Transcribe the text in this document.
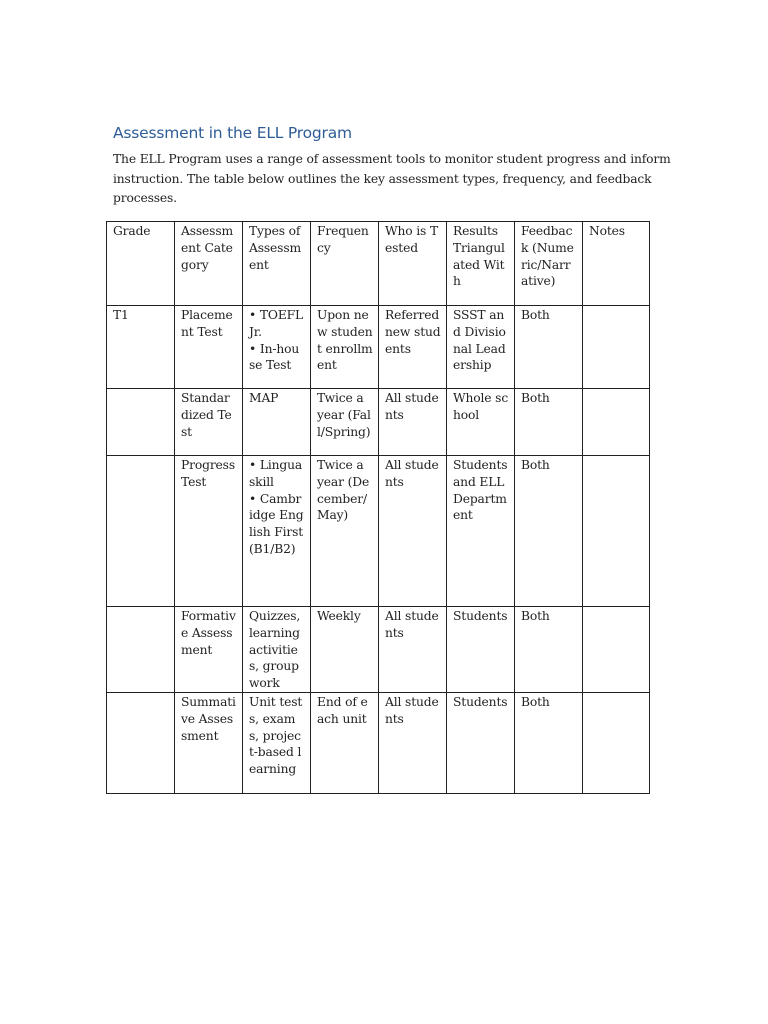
Assessment in the ELL Program

The ELL Program uses a range of assessment tools to monitor student progress and inform
instruction. The table below outlines the key assessment types, frequency, and feedback
processes.

Grade	Assessment Category	Types of Assessment	Frequency	Who is Tested	Results Triangulated With	Feedback (Numeric/Narrative)	Notes
T1	Placement Test	• TOEFL Jr.
• In-house Test	Upon new student enrollment	Referred new students	SSST and Divisional Leadership	Both	
	Standardized Test	MAP	Twice a year (Fall/Spring)	All students	Whole school	Both	
	Progress Test	• Linguaskill
• Cambridge English First (B1/B2)	Twice a year (December/May)	All students	Students and ELL Department	Both	
	Formative Assessment	Quizzes, learning activities, group work	Weekly	All students	Students	Both	
	Summative Assessment	Unit tests, exams, project-based learning	End of each unit	All students	Students	Both	
